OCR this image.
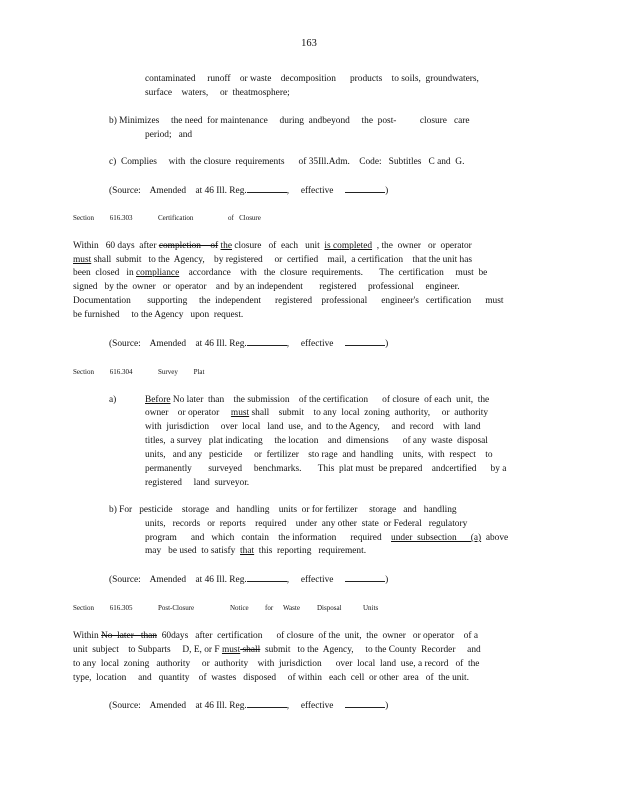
163
contaminated     runoff    or waste    decomposition      products    to soils,  groundwaters,
surface    waters,     or  theatmosphere;
b) Minimizes     the need  for maintenance     during  andbeyond     the  post-          closure   care
period;   and
c)  Complies     with  the closure  requirements      of 35Ill.Adm.    Code:   Subtitles   C and  G.
(Source: Amended at 46 Ill. Reg.	,     effective	)
Section         616.303	Certification	of   Closure
Within   60 days  after completion    of the closure   of  each   unit  is completed  , the  owner   or  operator
must shall  submit   to the  Agency,    by registered     or  certified    mail,  a certification    that the unit has
been  closed   in compliance    accordance    with   the  closure  requirements.       The  certification     must  be
signed   by the  owner   or  operator    and  by an independent       registered     professional     engineer.
Documentation       supporting     the  independent      registered    professional      engineer's   certification      must
be furnished     to the Agency   upon  request.
(Source: Amended at 46 Ill. Reg.	,     effective	)
Section         616.304	Survey         Plat
a)	Before No later  than    the submission    of the certification      of closure  of each  unit,  the
owner    or operator     must shall    submit    to any  local  zoning  authority,     or  authority
with  jurisdiction     over  local   land  use,  and  to the Agency,     and  record    with  land
titles,  a survey   plat indicating     the location    and  dimensions      of any  waste  disposal
units,   and any   pesticide     or  fertilizer    sto rage  and  handling    units,  with  respect    to
permanently       surveyed     benchmarks.       This  plat must  be prepared    andcertified      by a
registered     land  surveyor.
b) For   pesticide    storage   and   handling    units  or for fertilizer     storage   and   handling
units,   records   or  reports    required    under  any other  state  or Federal   regulatory
program      and   which   contain    the information      required    under  subsection      (a)  above
may   be used  to satisfy  that  this  reporting   requirement.
(Source: Amended at 46 Ill. Reg.	,     effective	)
Section         616.305	Post-Closure	Notice for Waste Disposal	Units
Within No  later   than  60days   after  certification      of closure  of the  unit,  the  owner   or operator    of a
unit  subject    to Subparts     D, E, or F must shall  submit   to the  Agency,     to the County  Recorder     and
to any  local  zoning   authority     or  authority    with  jurisdiction      over  local  land  use, a record   of  the
type,  location     and   quantity    of  wastes   disposed     of within   each  cell  or other  area   of  the unit.
(Source: Amended at 46 Ill. Reg.	,     effective	)
